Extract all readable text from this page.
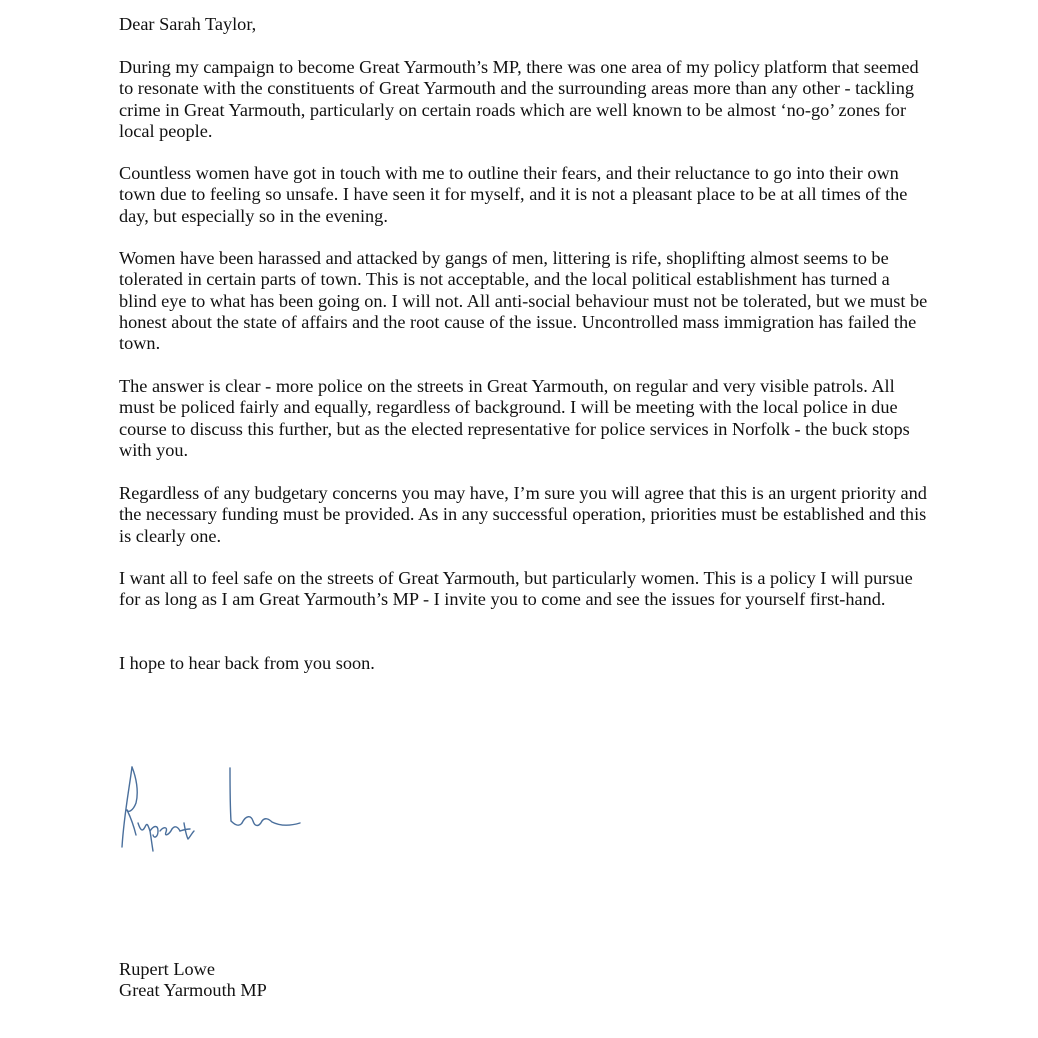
Dear Sarah Taylor,

During my campaign to become Great Yarmouth’s MP, there was one area of my policy platform that seemed to resonate with the constituents of Great Yarmouth and the surrounding areas more than any other - tackling crime in Great Yarmouth, particularly on certain roads which are well known to be almost ‘no-go’ zones for local people.

Countless women have got in touch with me to outline their fears, and their reluctance to go into their own town due to feeling so unsafe. I have seen it for myself, and it is not a pleasant place to be at all times of the day, but especially so in the evening.

Women have been harassed and attacked by gangs of men, littering is rife, shoplifting almost seems to be tolerated in certain parts of town. This is not acceptable, and the local political establishment has turned a blind eye to what has been going on. I will not. All anti-social behaviour must not be tolerated, but we must be honest about the state of affairs and the root cause of the issue. Uncontrolled mass immigration has failed the town.

The answer is clear - more police on the streets in Great Yarmouth, on regular and very visible patrols. All must be policed fairly and equally, regardless of background. I will be meeting with the local police in due course to discuss this further, but as the elected representative for police services in Norfolk - the buck stops with you.

Regardless of any budgetary concerns you may have, I’m sure you will agree that this is an urgent priority and the necessary funding must be provided. As in any successful operation, priorities must be established and this is clearly one.

I want all to feel safe on the streets of Great Yarmouth, but particularly women. This is a policy I will pursue for as long as I am Great Yarmouth’s MP - I invite you to come and see the issues for yourself first-hand.

I hope to hear back from you soon.

Rupert Lowe

Great Yarmouth MP
